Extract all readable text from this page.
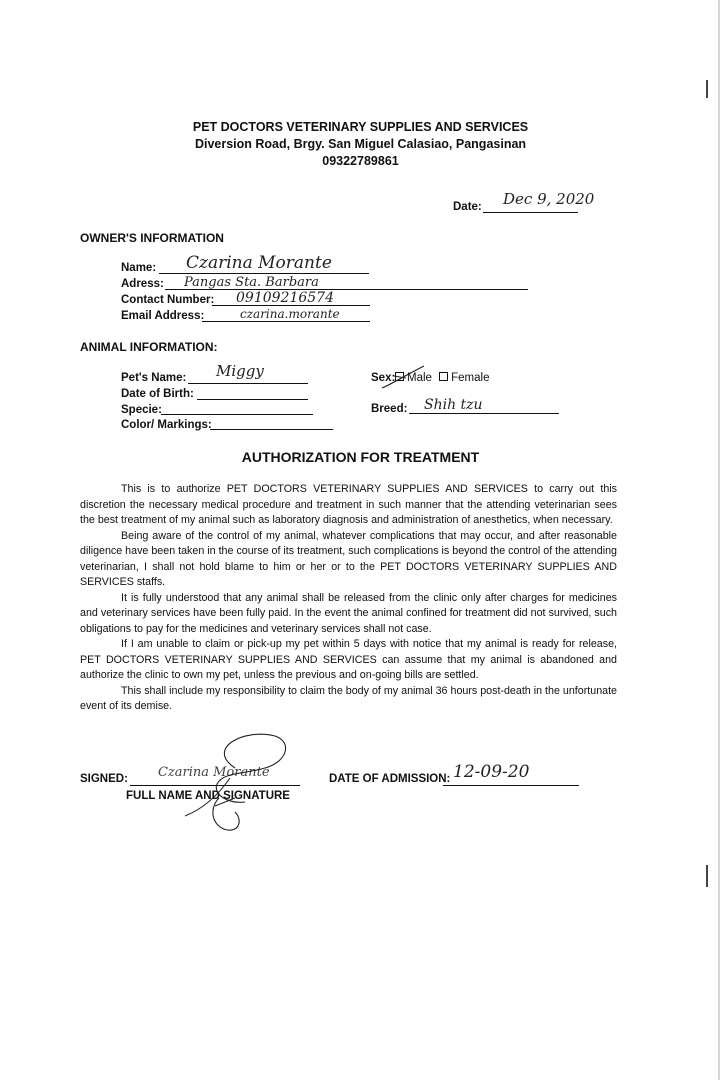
PET DOCTORS VETERINARY SUPPLIES AND SERVICES
Diversion Road, Brgy. San Miguel Calasiao, Pangasinan
09322789861
Date: Dec 9, 2020
OWNER'S INFORMATION
Name: Czarina Morante
Adress: Pangas Sta. Barbara
Contact Number: 09109216574
Email Address:	czarina.morante
ANIMAL INFORMATION:
Pet's Name: Miggy
Date of Birth:
Specie:
Color/ Markings:
Sex:	Male Female
Breed: Shih tzu
AUTHORIZATION FOR TREATMENT

This is to authorize PET DOCTORS VETERINARY SUPPLIES AND SERVICES to carry out this discretion the necessary medical procedure and treatment in such manner that the attending veterinarian sees the best treatment of my animal such as laboratory diagnosis and administration of anesthetics, when necessary.

Being aware of the control of my animal, whatever complications that may occur, and after reasonable diligence have been taken in the course of its treatment, such complications is beyond the control of the attending veterinarian, I shall not hold blame to him or her or to the PET DOCTORS VETERINARY SUPPLIES AND SERVICES staffs.

It is fully understood that any animal shall be released from the clinic only after charges for medicines and veterinary services have been fully paid. In the event the animal confined for treatment did not survived, such obligations to pay for the medicines and veterinary services shall not case.

If I am unable to claim or pick-up my pet within 5 days with notice that my animal is ready for release, PET DOCTORS VETERINARY SUPPLIES AND SERVICES can assume that my animal is abandoned and authorize the clinic to own my pet, unless the previous and on-going bills are settled.

This shall include my responsibility to claim the body of my animal 36 hours post-death in the unfortunate event of its demise.

SIGNED:
FULL NAME AND SIGNATURE
Czarina Morante	DATE OF ADMISSION: 12-09-20
